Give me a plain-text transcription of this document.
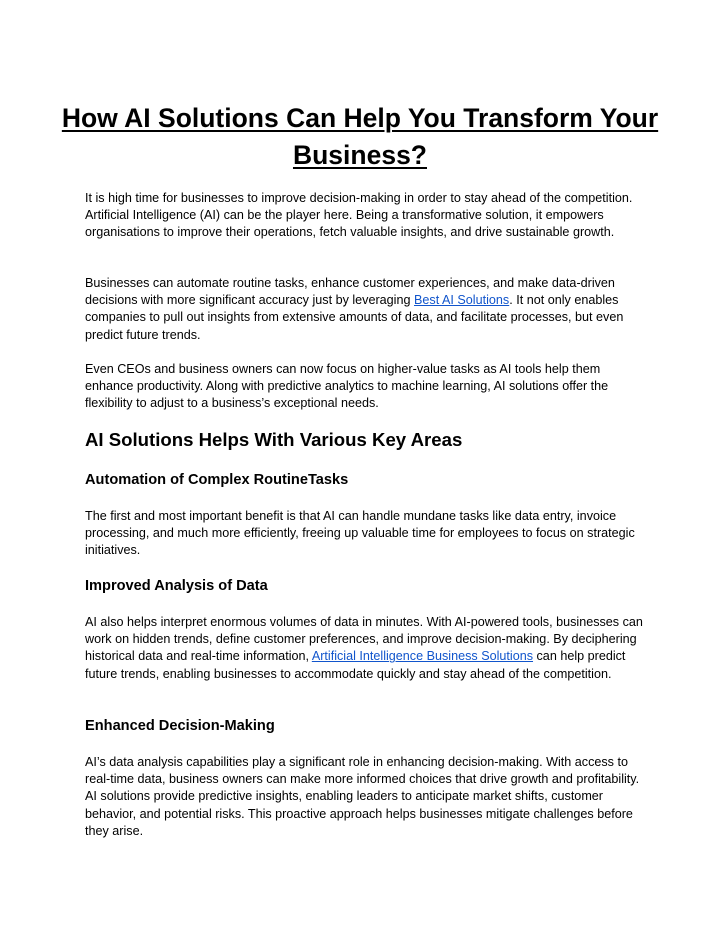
How AI Solutions Can Help You Transform Your Business?

It is high time for businesses to improve decision-making in order to stay ahead of the competition. Artificial Intelligence (AI) can be the player here. Being a transformative solution, it empowers organisations to improve their operations, fetch valuable insights, and drive sustainable growth.

Businesses can automate routine tasks, enhance customer experiences, and make data-driven decisions with more significant accuracy just by leveraging Best AI Solutions. It not only enables companies to pull out insights from extensive amounts of data, and facilitate processes, but even predict future trends.

Even CEOs and business owners can now focus on higher-value tasks as AI tools help them enhance productivity. Along with predictive analytics to machine learning, AI solutions offer the flexibility to adjust to a business’s exceptional needs.

AI Solutions Helps With Various Key Areas
Automation of Complex RoutineTasks

The first and most important benefit is that AI can handle mundane tasks like data entry, invoice processing, and much more efficiently, freeing up valuable time for employees to focus on strategic initiatives.

Improved Analysis of Data

AI also helps interpret enormous volumes of data in minutes. With AI-powered tools, businesses can work on hidden trends, define customer preferences, and improve decision-making. By deciphering historical data and real-time information, Artificial Intelligence Business Solutions can help predict future trends, enabling businesses to accommodate quickly and stay ahead of the competition.

Enhanced Decision-Making

AI’s data analysis capabilities play a significant role in enhancing decision-making. With access to real-time data, business owners can make more informed choices that drive growth and profitability. AI solutions provide predictive insights, enabling leaders to anticipate market shifts, customer behavior, and potential risks. This proactive approach helps businesses mitigate challenges before they arise.
